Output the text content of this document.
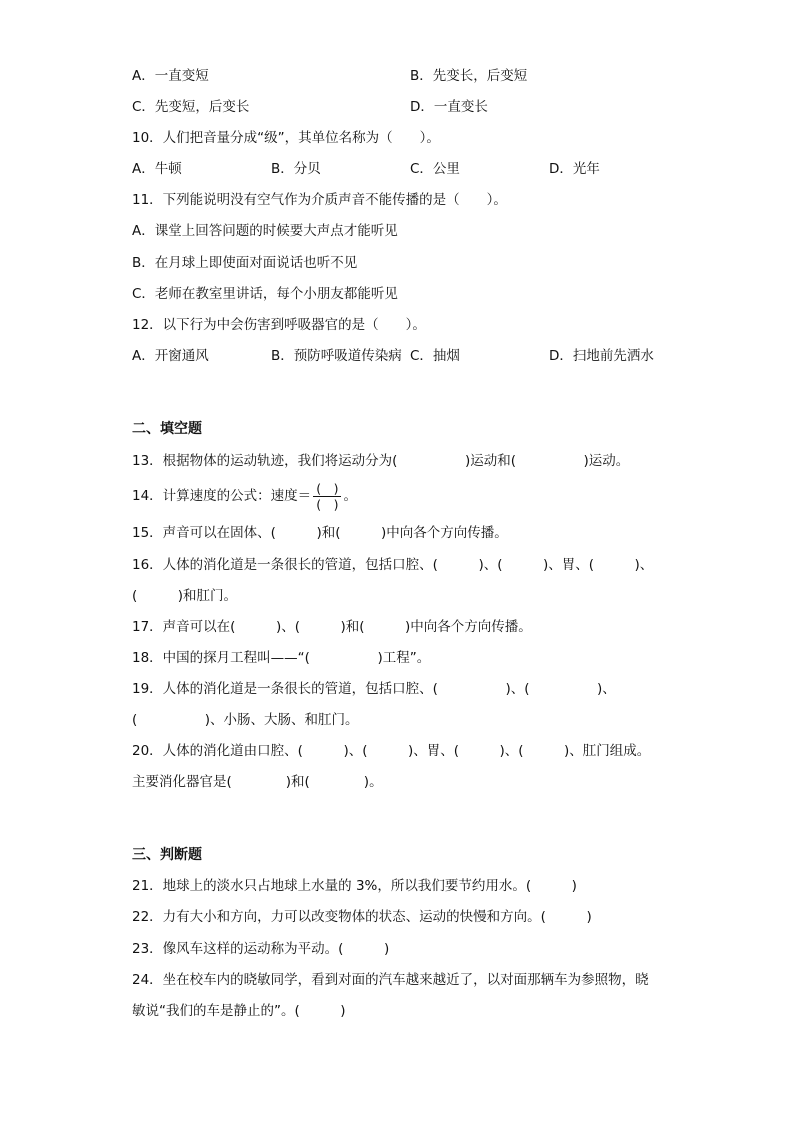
A．一直变短	B．先变长，后变短
C．先变短，后变长	D．一直变长
10．人们把音量分成“级”，其单位名称为（　　）。
A．牛顿	B．分贝	C．公里	D．光年
11．下列能说明没有空气作为介质声音不能传播的是（　　）。
A．课堂上回答问题的时候要大声点才能听见
B．在月球上即使面对面说话也听不见
C．老师在教室里讲话，每个小朋友都能听见
12．以下行为中会伤害到呼吸器官的是（　　）。
A．开窗通风	B．预防呼吸道传染病 C．抽烟	D．扫地前先洒水
二、填空题
13．根据物体的运动轨迹，我们将运动分为(　　　　　)运动和(　　　　　)运动。
14．计算速度的公式：速度＝ $\frac{( )}{( )}$ 。
15．声音可以在固体、(　　　)和(　　　)中向各个方向传播。
16．人体的消化道是一条很长的管道，包括口腔、(　　　)、(　　　)、胃、(　　　)、
(　　　)和肛门。
17．声音可以在(　　　)、(　　　)和(　　　)中向各个方向传播。
18．中国的探月工程叫——“(　　　　　)工程”。
19．人体的消化道是一条很长的管道，包括口腔、(　　　　　)、(　　　　　)、
(　　　　　)、小肠、大肠、和肛门。
20．人体的消化道由口腔、(　　　)、(　　　)、胃、(　　　)、(　　　)、肛门组成。
主要消化器官是(　　　　)和(　　　　)。
三、判断题
21．地球上的淡水只占地球上水量的 3%，所以我们要节约用水。(　　　)
22．力有大小和方向，力可以改变物体的状态、运动的快慢和方向。(　　　)
23．像风车这样的运动称为平动。(　　　)
24．坐在校车内的晓敏同学，看到对面的汽车越来越近了，以对面那辆车为参照物，晓
敏说“我们的车是静止的”。(　　　)
